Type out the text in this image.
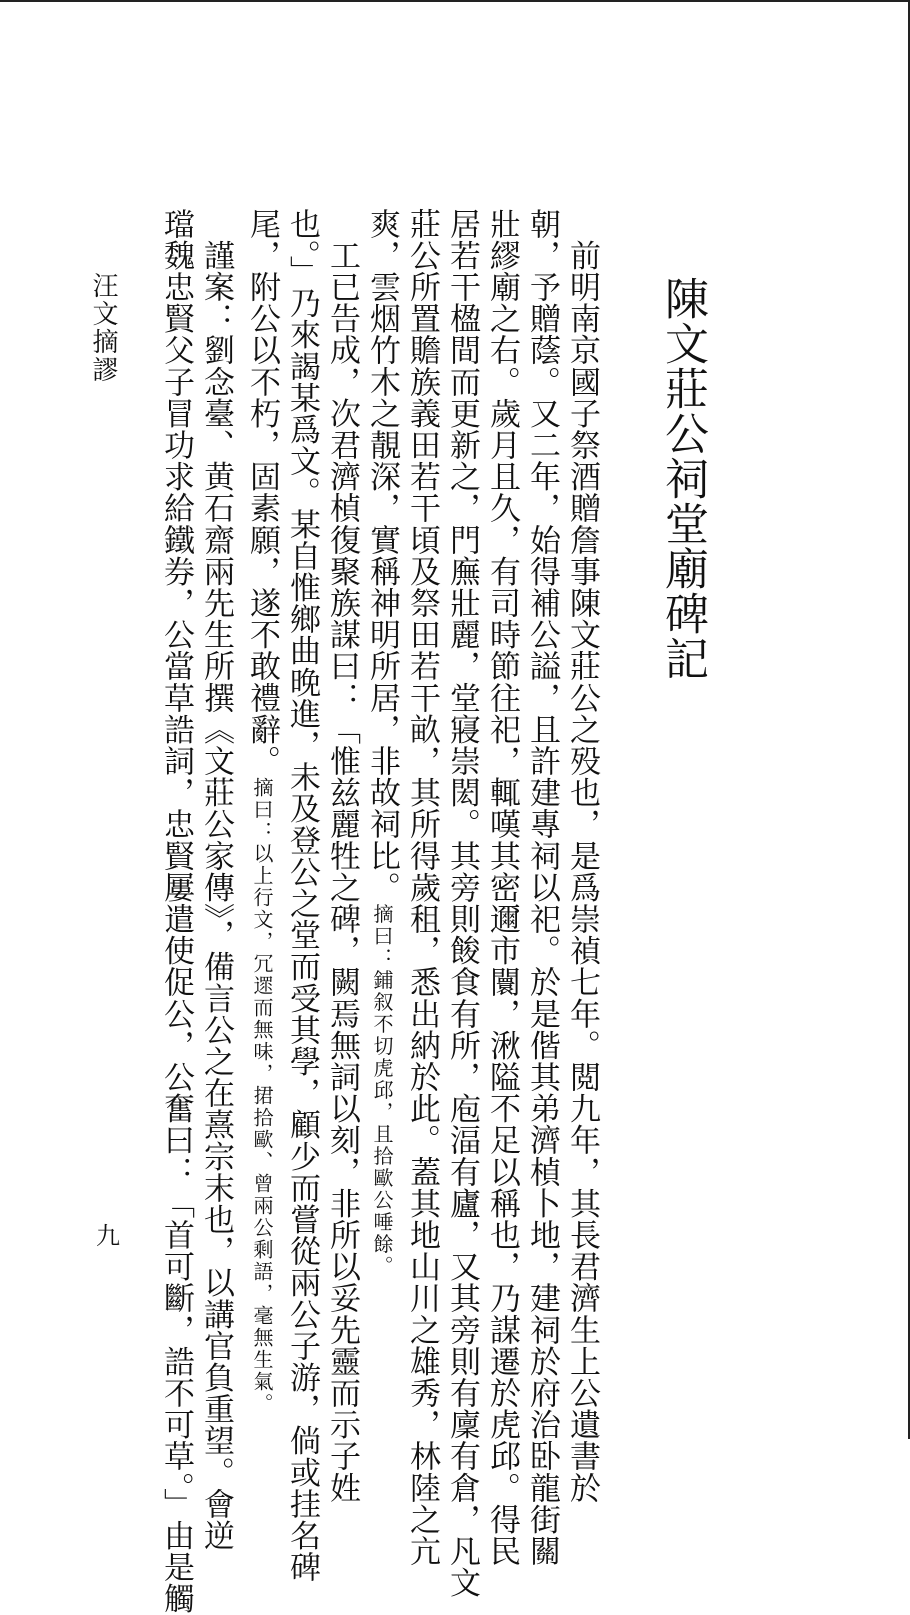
陳文莊公祠堂廟碑記
　前明南京國子祭酒贈詹事陳文莊公之殁也，是爲崇禎七年。閲九年，其長君濟生上公遺書於
朝，予贈蔭。又二年，始得補公謚，且許建專祠以祀。於是偕其弟濟楨卜地，建祠於府治卧龍街關
壯繆廟之右。歲月且久，有司時節往祀，輒嘆其密邇市闤，湫隘不足以稱也，乃謀遷於虎邱。得民
居若干楹間而更新之，門廡壯麗，堂寢崇閎。其旁則餕食有所，庖湢有廬，又其旁則有廩有倉，凡文
莊公所置贍族義田若干頃及祭田若干畝，其所得歲租，悉出納於此。蓋其地山川之雄秀，林陸之亢
爽，雲烟竹木之靚深，實稱神明所居，非故祠比。摘曰：鋪叙不切虎邱，且拾歐公唾餘。
　工已告成，次君濟楨復聚族謀曰：「惟兹麗牲之碑，闕焉無詞以刻，非所以妥先靈而示子姓
也。」乃來謁某爲文。某自惟鄉曲晚進，未及登公之堂而受其學，顧少而嘗從兩公子游，倘或挂名碑
尾，附公以不朽，固素願，遂不敢禮辭。摘曰：以上行文，冗遝而無味，捃拾歐、曾兩公剩語，毫無生氣。
　謹案：劉念臺、黄石齋兩先生所撰《文莊公家傳》，備言公之在熹宗末也，以講官負重望。會逆
璫魏忠賢父子冒功求給鐵券，公當草誥詞，忠賢屢遣使促公，公奮曰：「首可斷，誥不可草。」由是觸
汪文摘謬
九
